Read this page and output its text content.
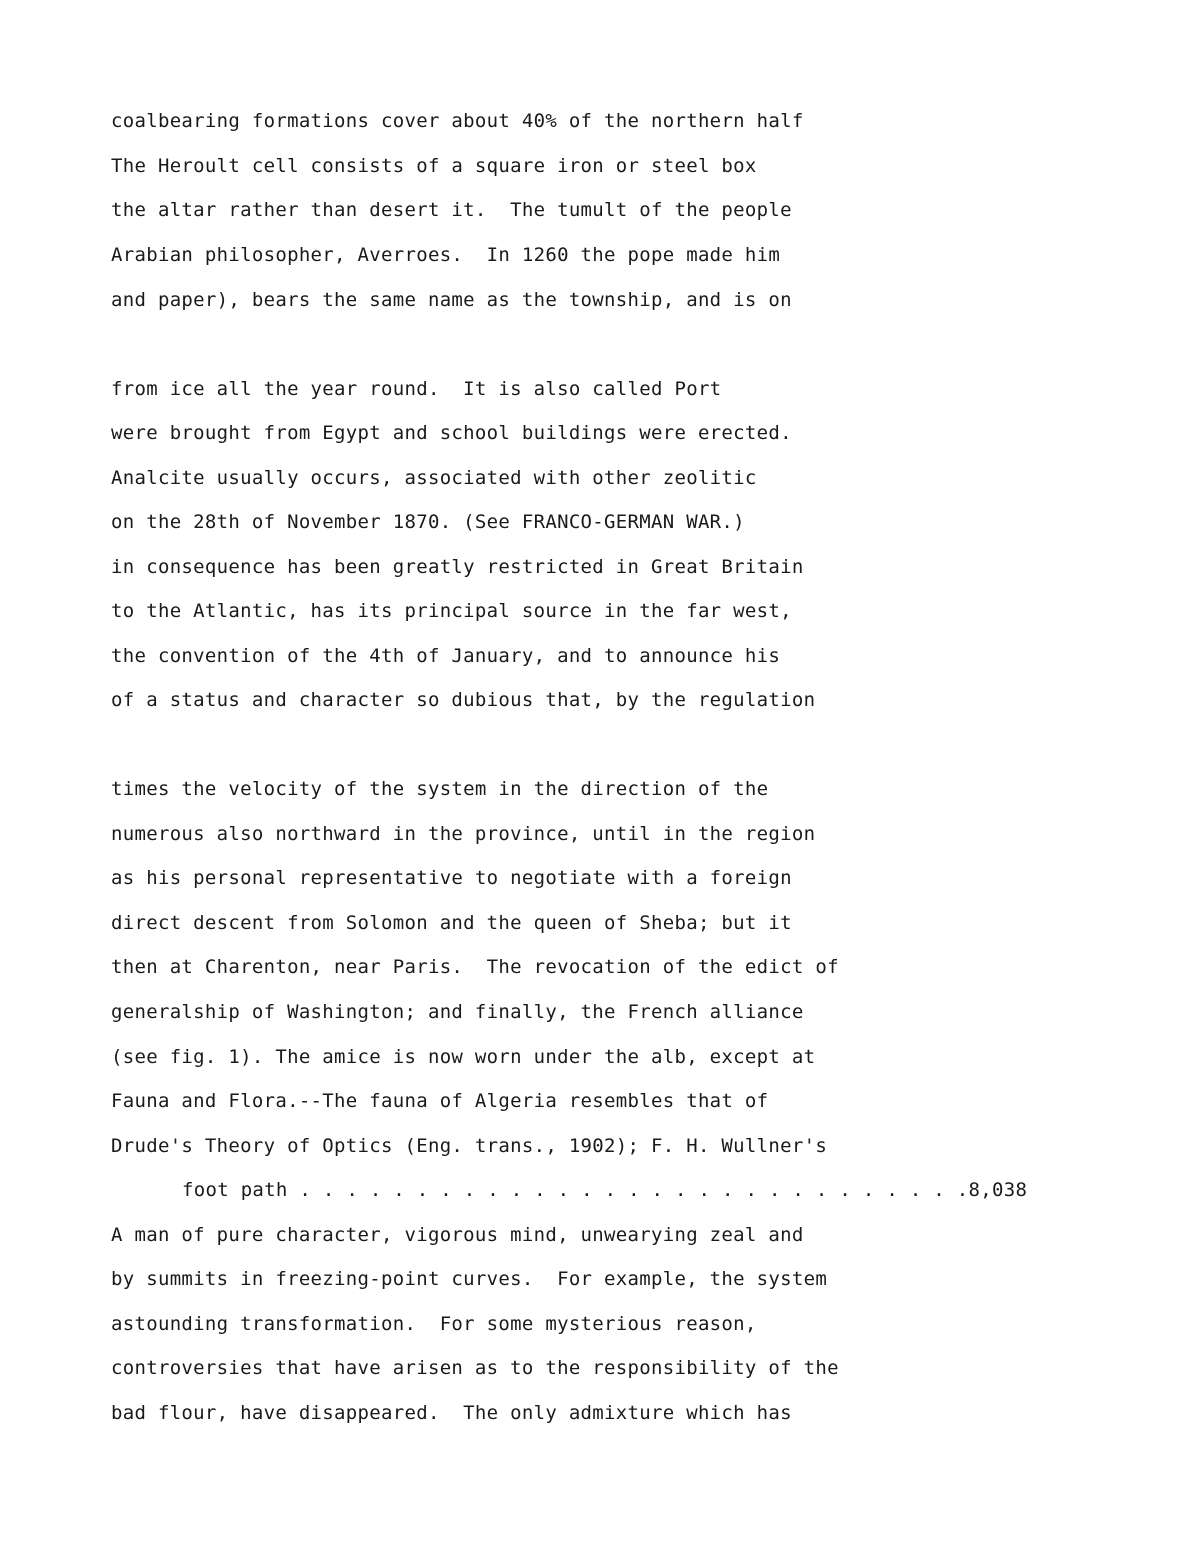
coalbearing formations cover about 40% of the northern half

The Heroult cell consists of a square iron or steel box

the altar rather than desert it.  The tumult of the people

Arabian philosopher, Averroes.  In 1260 the pope made him

and paper), bears the same name as the township, and is on

from ice all the year round.  It is also called Port

were brought from Egypt and school buildings were erected.

Analcite usually occurs, associated with other zeolitic

on the 28th of November 1870. (See FRANCO-GERMAN WAR.)

in consequence has been greatly restricted in Great Britain

to the Atlantic, has its principal source in the far west,

the convention of the 4th of January, and to announce his

of a status and character so dubious that, by the regulation

times the velocity of the system in the direction of the

numerous also northward in the province, until in the region

as his personal representative to negotiate with a foreign

direct descent from Solomon and the queen of Sheba; but it

then at Charenton, near Paris.  The revocation of the edict of

generalship of Washington; and finally, the French alliance

(see fig. 1). The amice is now worn under the alb, except at

Fauna and Flora.--The fauna of Algeria resembles that of

Drude's Theory of Optics (Eng. trans., 1902); F. H. Wullner's

foot path . . . . . . . . . . . . . . . . . . . . . . . . . . . . .8,038

A man of pure character, vigorous mind, unwearying zeal and

by summits in freezing-point curves.  For example, the system

astounding transformation.  For some mysterious reason,

controversies that have arisen as to the responsibility of the

bad flour, have disappeared.  The only admixture which has
